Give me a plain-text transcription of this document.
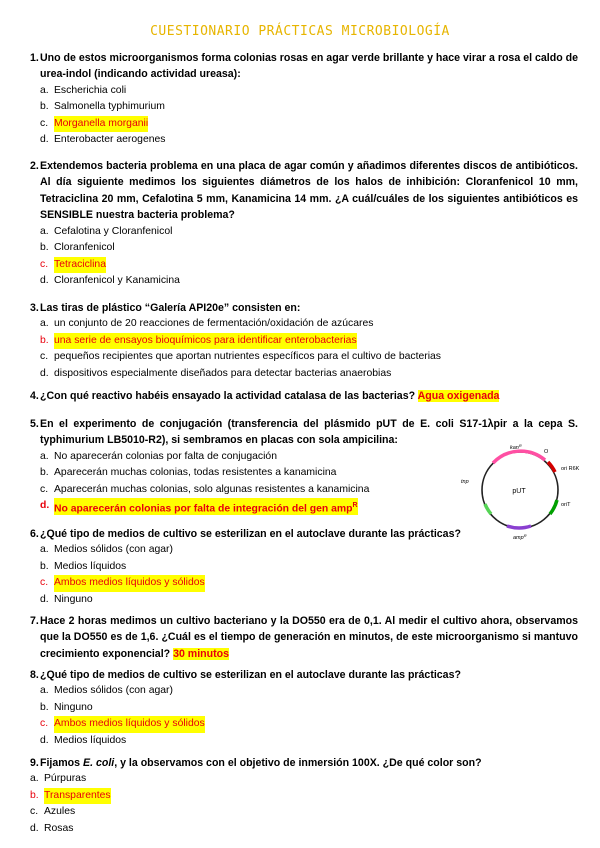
CUESTIONARIO PRÁCTICAS MICROBIOLOGÍA
1. Uno de estos microorganismos forma colonias rosas en agar verde brillante y hace virar a rosa el caldo de urea-indol (indicando actividad ureasa):
a. Escherichia coli
b. Salmonella typhimurium
c. Morganella morganii
d. Enterobacter aerogenes
2. Extendemos bacteria problema en una placa de agar común y añadimos diferentes discos de antibióticos. Al día siguiente medimos los siguientes diámetros de los halos de inhibición: Cloranfenicol 10 mm, Tetraciclina 20 mm, Cefalotina 5 mm, Kanamicina 14 mm. ¿A cuál/cuáles de los siguientes antibióticos es SENSIBLE nuestra bacteria problema?
a. Cefalotina y Cloranfenicol
b. Cloranfenicol
c. Tetraciclina
d. Cloranfenicol y Kanamicina
3. Las tiras de plástico “Galería API20e” consisten en:
a. un conjunto de 20 reacciones de fermentación/oxidación de azúcares
b. una serie de ensayos bioquímicos para identificar enterobacterias
c. pequeños recipientes que aportan nutrientes específicos para el cultivo de bacterias
d. dispositivos especialmente diseñados para detectar bacterias anaerobias
4. ¿Con qué reactivo habéis ensayado la actividad catalasa de las bacterias? Agua oxigenada
5. En el experimento de conjugación (transferencia del plásmido pUT de E. coli S17-1λpir a la cepa S. typhimurium LB5010-R2), si sembramos en placas con sola ampicilina:
a. No aparecerán colonias por falta de conjugación
b. Aparecerán muchas colonias, todas resistentes a kanamicina
c. Aparecerán muchas colonias, solo algunas resistentes a kanamicina
d. No aparecerán colonias por falta de integración del gen amp$^R$
pUT
kan$^R$
O
ori R6K
oriT
amp$^R$
tnp
6. ¿Qué tipo de medios de cultivo se esterilizan en el autoclave durante las prácticas?
a. Medios sólidos (con agar)
b. Medios líquidos
c. Ambos medios líquidos y sólidos
d. Ninguno
7. Hace 2 horas medimos un cultivo bacteriano y la DO550 era de 0,1. Al medir el cultivo ahora, observamos que la DO550 es de 1,6. ¿Cuál es el tiempo de generación en minutos, de este microorganismo si mantuvo crecimiento exponencial? 30 minutos
8. ¿Qué tipo de medios de cultivo se esterilizan en el autoclave durante las prácticas?
a. Medios sólidos (con agar)
b. Ninguno
c. Ambos medios líquidos y sólidos
d. Medios líquidos
9. Fijamos E. coli, y la observamos con el objetivo de inmersión 100X. ¿De qué color son?
a. Púrpuras
b. Transparentes
c. Azules
d. Rosas
